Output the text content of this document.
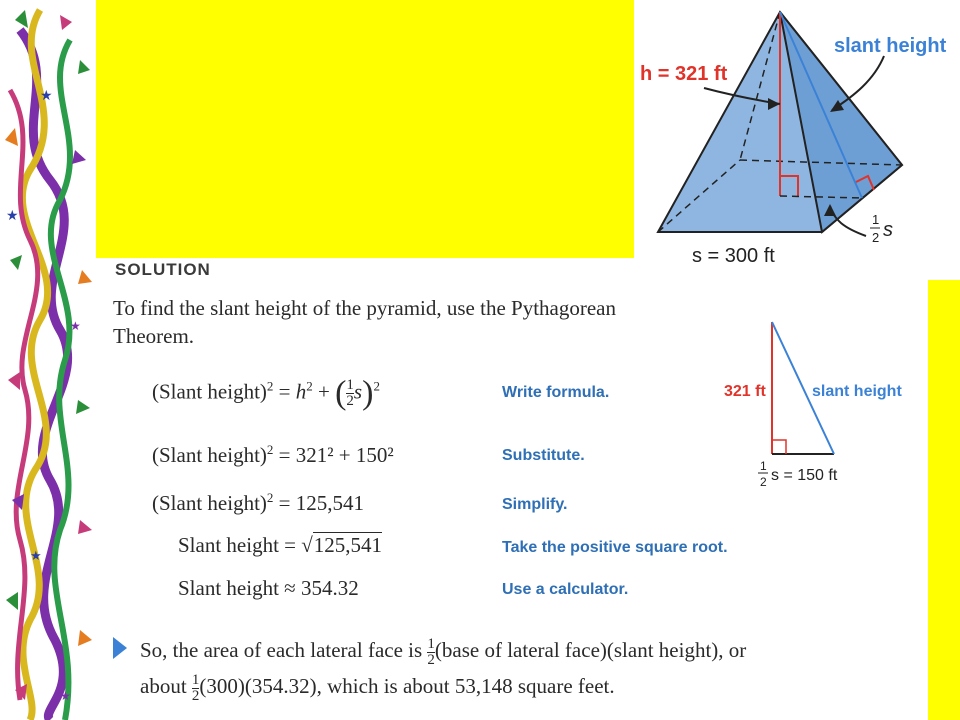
★
★
★
★
★
h = 321 ft
slant height
s = 300 ft
1
2 s
SOLUTION
To find the slant height of the pyramid, use the Pythagorean Theorem.
(Slant height)$^2$ = $h^2$ + ( $\frac{1}{2} s)^2$	Write formula.
(Slant height)$^2$ = 321² + 150²	Substitute.
(Slant height)$^2$ = 125,541	Simplify.
Slant height = √125,541	Take the positive square root.
Slant height ≈ 354.32	Use a calculator.
321 ft	slant height
1
2 s = 150 ft
So, the area of each lateral face is $\frac{1}{2}$ (base of lateral face)(slant height), or
about $\frac{1}{2} (300)(354.32)$, which is about 53,148 square feet.
